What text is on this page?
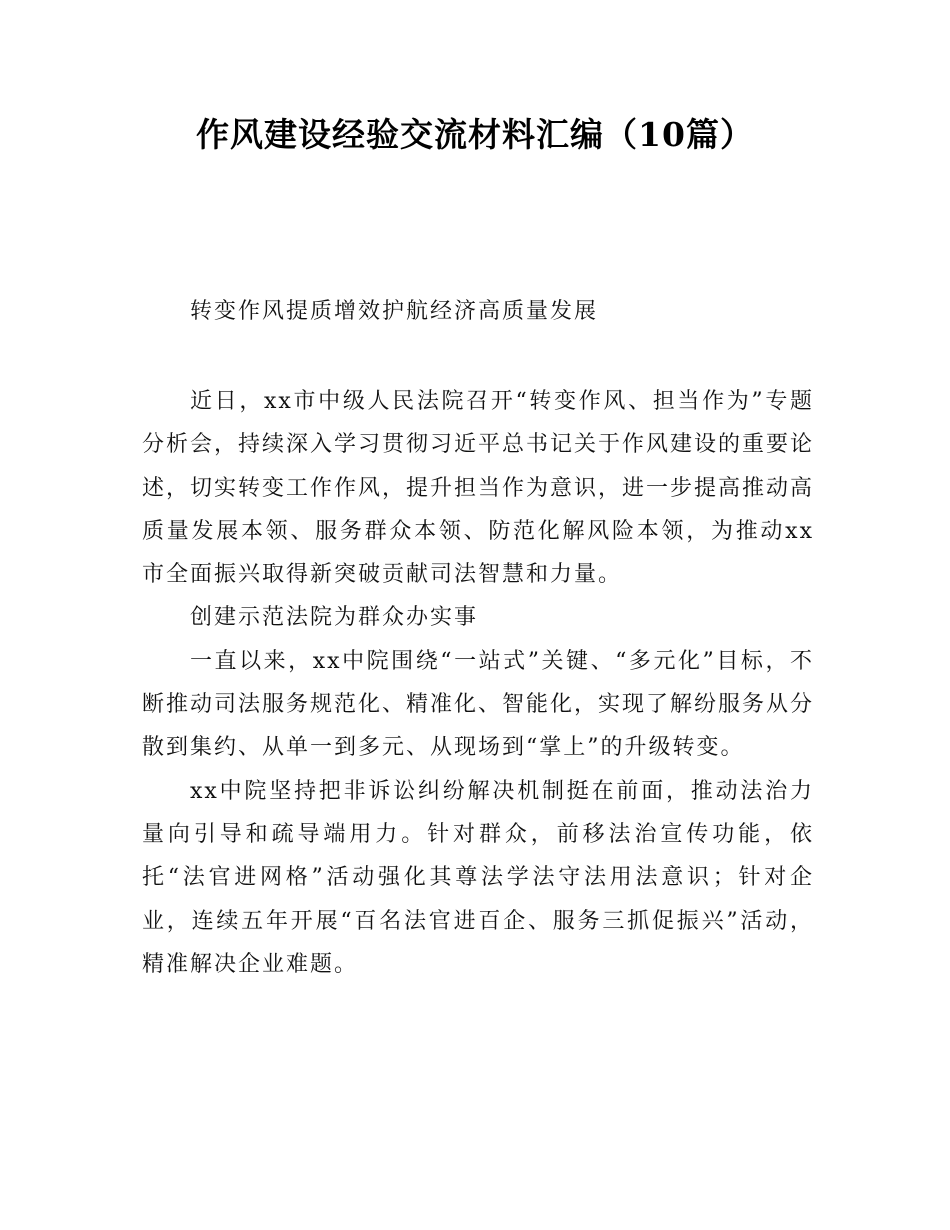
作风建设经验交流材料汇编（10篇）

转变作风提质增效护航经济高质量发展

近日，xx市中级人民法院召开“转变作风、担当作为”专题分析会，持续深入学习贯彻习近平总书记关于作风建设的重要论述，切实转变工作作风，提升担当作为意识，进一步提高推动高质量发展本领、服务群众本领、防范化解风险本领，为推动xx市全面振兴取得新突破贡献司法智慧和力量。

创建示范法院为群众办实事

一直以来，xx中院围绕“一站式”关键、“多元化”目标，不断推动司法服务规范化、精准化、智能化，实现了解纷服务从分散到集约、从单一到多元、从现场到“掌上”的升级转变。

xx中院坚持把非诉讼纠纷解决机制挺在前面，推动法治力量向引导和疏导端用力。针对群众，前移法治宣传功能，依托“法官进网格”活动强化其尊法学法守法用法意识；针对企业，连续五年开展“百名法官进百企、服务三抓促振兴”活动，精准解决企业难题。
